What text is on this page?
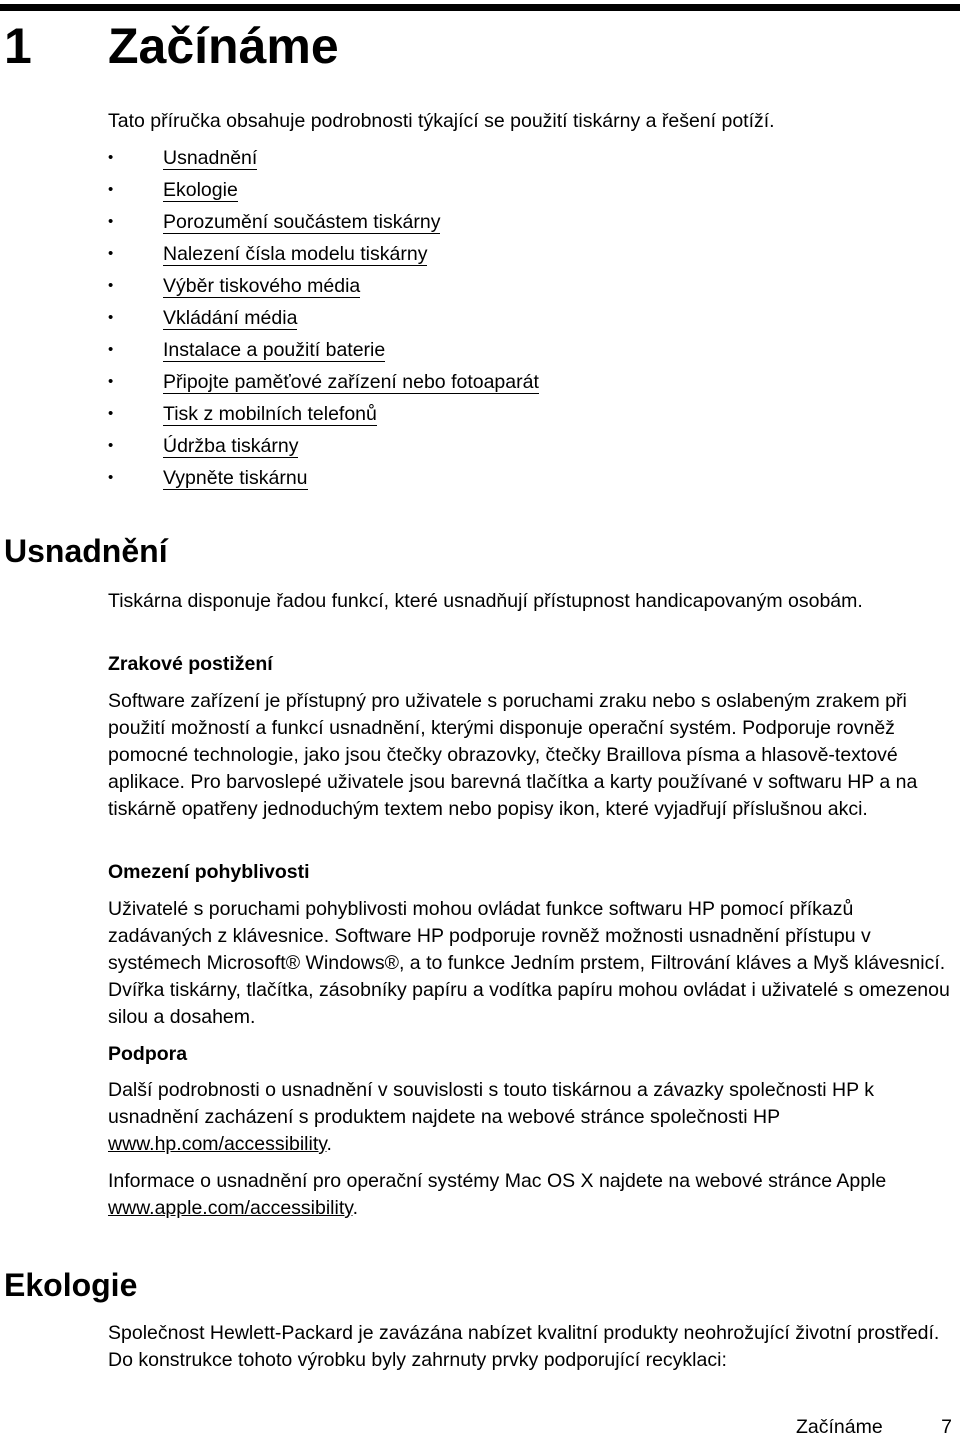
1 Začínáme

Tato příručka obsahuje podrobnosti týkající se použití tiskárny a řešení potíží.

•	Usnadnění
•	Ekologie
•	Porozumění součástem tiskárny
•	Nalezení čísla modelu tiskárny
•	Výběr tiskového média
•	Vkládání média
•	Instalace a použití baterie
•	Připojte paměťové zařízení nebo fotoaparát
•	Tisk z mobilních telefonů
•	Údržba tiskárny
•	Vypněte tiskárnu
Usnadnění

Tiskárna disponuje řadou funkcí, které usnadňují přístupnost handicapovaným osobám.

Zrakové postižení

Software zařízení je přístupný pro uživatele s poruchami zraku nebo s oslabeným zrakem při použití možností a funkcí usnadnění, kterými disponuje operační systém. Podporuje rovněž pomocné technologie, jako jsou čtečky obrazovky, čtečky Braillova písma a hlasově-textové aplikace. Pro barvoslepé uživatele jsou barevná tlačítka a karty používané v softwaru HP a na tiskárně opatřeny jednoduchým textem nebo popisy ikon, které vyjadřují příslušnou akci.

Omezení pohyblivosti

Uživatelé s poruchami pohyblivosti mohou ovládat funkce softwaru HP pomocí příkazů zadávaných z klávesnice. Software HP podporuje rovněž možnosti usnadnění přístupu v systémech Microsoft® Windows®, a to funkce Jedním prstem, Filtrování kláves a Myš klávesnicí. Dvířka tiskárny, tlačítka, zásobníky papíru a vodítka papíru mohou ovládat i uživatelé s omezenou silou a dosahem.

Podpora

Další podrobnosti o usnadnění v souvislosti s touto tiskárnou a závazky společnosti HP k usnadnění zacházení s produktem najdete na webové stránce společnosti HP www.hp.com/accessibility.

Informace o usnadnění pro operační systémy Mac OS X najdete na webové stránce Apple www.apple.com/accessibility.

Ekologie

Společnost Hewlett-Packard je zavázána nabízet kvalitní produkty neohrožující životní prostředí. Do konstrukce tohoto výrobku byly zahrnuty prvky podporující recyklaci:

Začínáme	7
